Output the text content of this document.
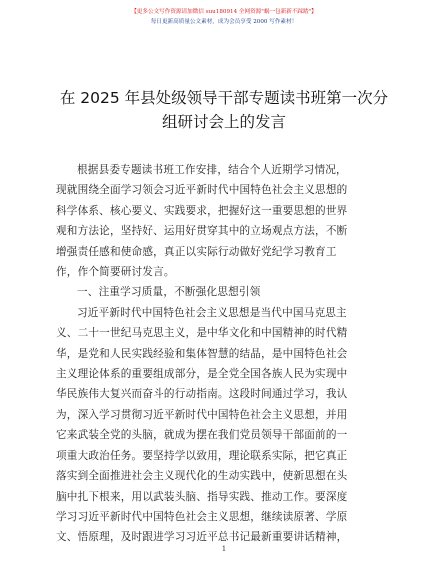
【更多公文写作资源请加微信 suu180914 全网资源"蜗一包新新不踩踏"】
每日更新高质量公文素材，成为会员享受 2000 写作素材！
在 2025 年县处级领导干部专题读书班第一次分
组研讨会上的发言
根据县委专题读书班工作安排，结合个人近期学习情况，
现就围绕全面学习领会习近平新时代中国特色社会主义思想的
科学体系、核心要义、实践要求，把握好这一重要思想的世界
观和方法论，坚持好、运用好贯穿其中的立场观点方法，不断
增强责任感和使命感，真正以实际行动做好党纪学习教育工
作，作个简要研讨发言。
一、注重学习质量，不断强化思想引领
习近平新时代中国特色社会主义思想是当代中国马克思主
义、二十一世纪马克思主义，是中华文化和中国精神的时代精
华，是党和人民实践经验和集体智慧的结晶，是中国特色社会
主义理论体系的重要组成部分，是全党全国各族人民为实现中
华民族伟大复兴而奋斗的行动指南。这段时间通过学习，我认
为，深入学习贯彻习近平新时代中国特色社会主义思想，并用
它来武装全党的头脑，就成为摆在我们党员领导干部面前的一
项重大政治任务。要坚持学以致用，理论联系实际，把它真正
落实到全面推进社会主义现代化的生动实践中，使新思想在头
脑中扎下根来，用以武装头脑、指导实践、推动工作。要深度
学习习近平新时代中国特色社会主义思想，继续读原著、学原
文、悟原理，及时跟进学习习近平总书记最新重要讲话精神，
1
